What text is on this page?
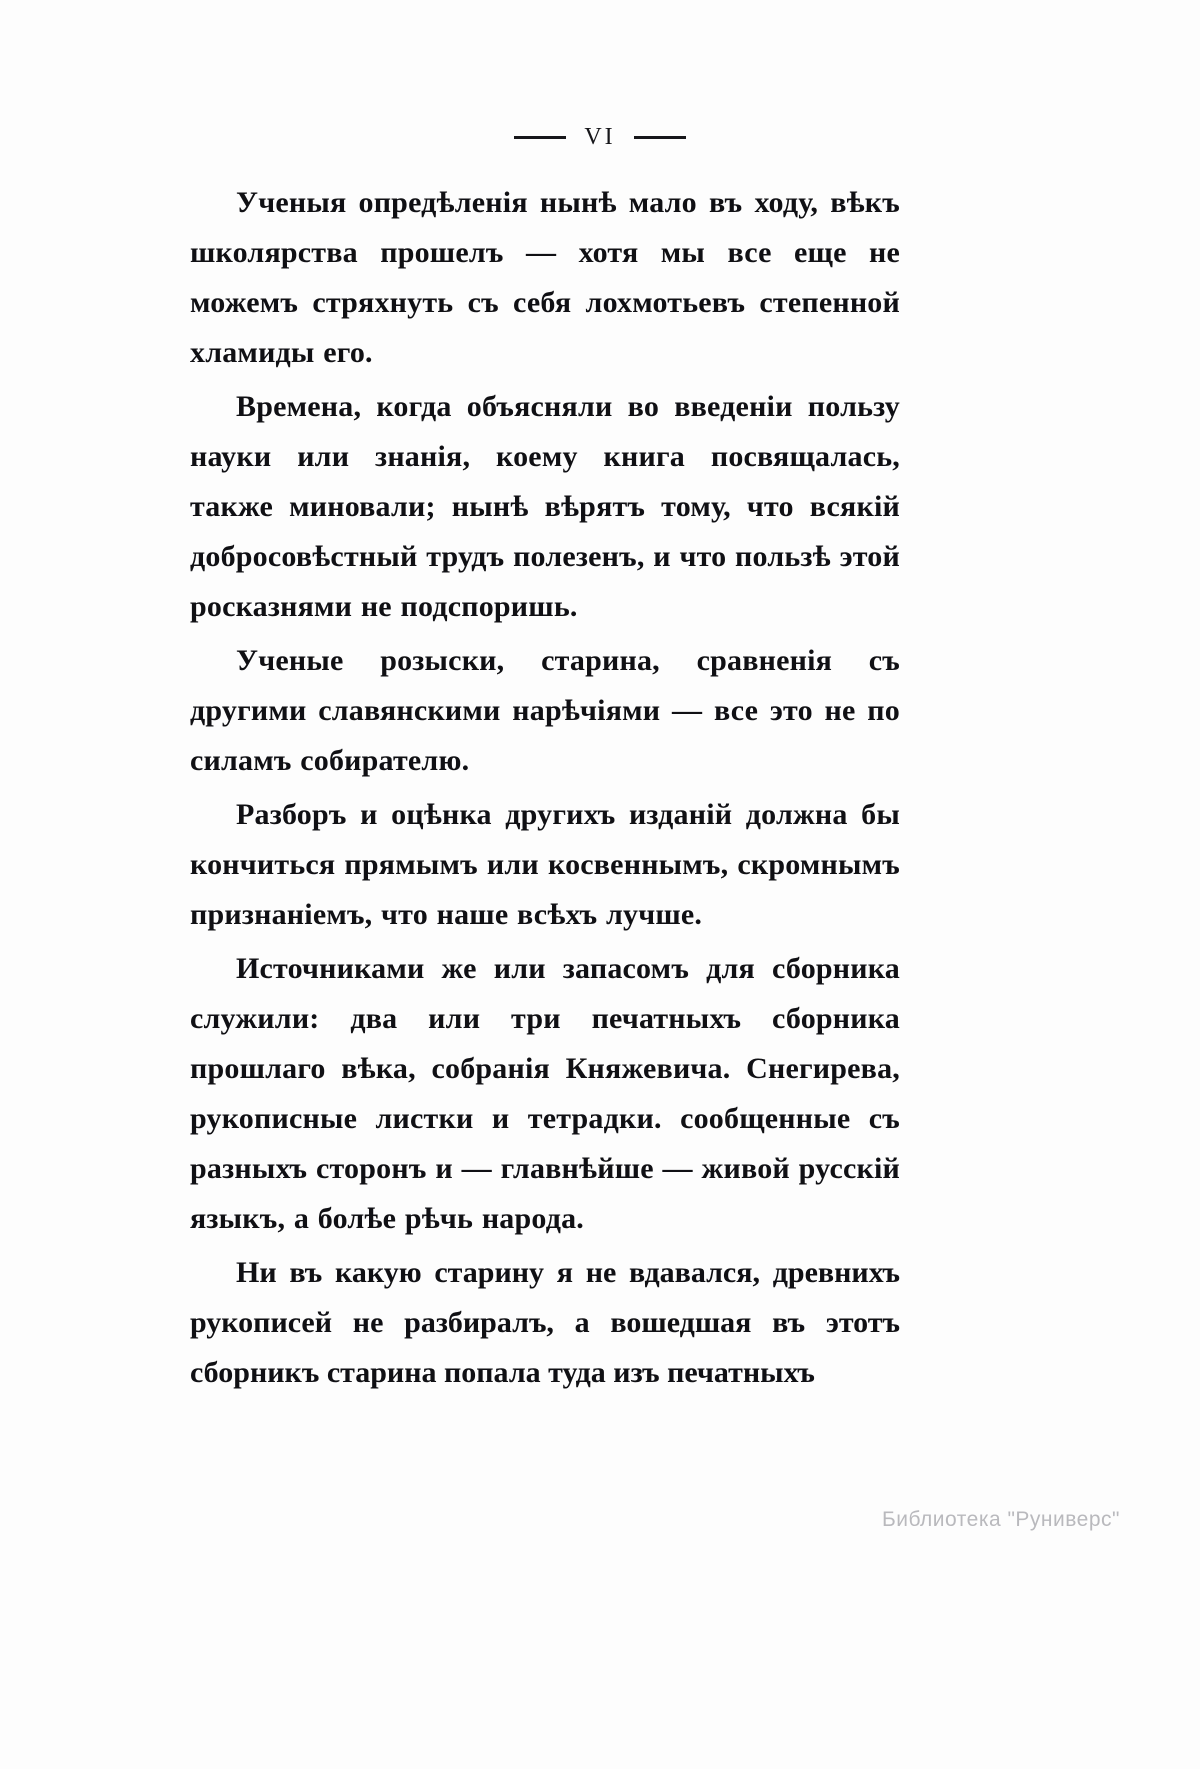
VI

Ученыя опредѣленія нынѣ мало въ ходу, вѣкъ школярства прошелъ — хотя мы все еще не можемъ стряхнуть съ себя лохмотьевъ степенной хламиды его.

Времена, когда объясняли во введеніи пользу науки или знанія, коему книга посвящалась, также миновали; нынѣ вѣрятъ тому, что всякій добросовѣстный трудъ полезенъ, и что пользѣ этой росказнями не подспоришь.

Ученые розыски, старина, сравненія съ другими славянскими нарѣчіями — все это не по силамъ собирателю.

Разборъ и оцѣнка другихъ изданій должна бы кончиться прямымъ или косвеннымъ, скромнымъ признаніемъ, что наше всѣхъ лучше.

Источниками же или запасомъ для сборника служили: два или три печатныхъ сборника прошлаго вѣка, собранія Княжевича. Снегирева, рукописные листки и тетрадки. сообщенные съ разныхъ сторонъ и — главнѣйше — живой русскій языкъ, а болѣе рѣчь народа.

Ни въ какую старину я не вдавался, древнихъ рукописей не разбиралъ, а вошедшая въ этотъ сборникъ старина попала туда изъ печатныхъ

Библиотека "Руниверс"
